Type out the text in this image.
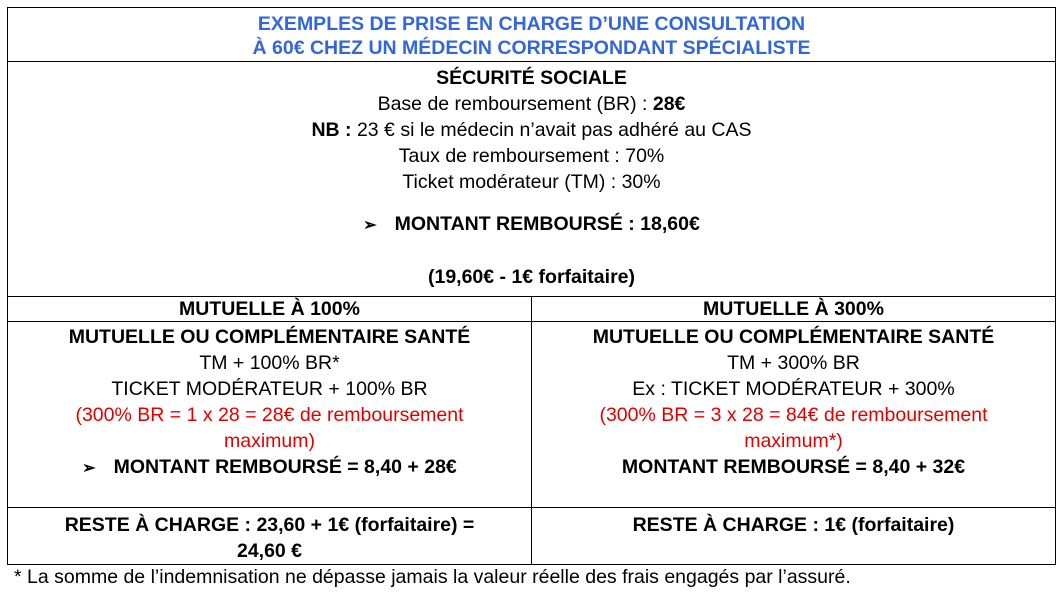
EXEMPLES DE PRISE EN CHARGE D’UNE CONSULTATION
À 60€ CHEZ UN MÉDECIN CORRESPONDANT SPÉCIALISTE
SÉCURITÉ SOCIALE
Base de remboursement (BR) : 28€
NB : 23 € si le médecin n’avait pas adhéré au CAS
Taux de remboursement : 70%
Ticket modérateur (TM) : 30%
➢ MONTANT REMBOURSÉ : 18,60€
(19,60€ - 1€ forfaitaire)
MUTUELLE À 100%	MUTUELLE À 300%
MUTUELLE OU COMPLÉMENTAIRE SANTÉ
TM + 100% BR*
TICKET MODÉRATEUR + 100% BR
(300% BR = 1 x 28 = 28€ de remboursement
maximum)
➢ MONTANT REMBOURSÉ = 8,40 + 28€
MUTUELLE OU COMPLÉMENTAIRE SANTÉ
TM + 300% BR
Ex : TICKET MODÉRATEUR + 300%
(300% BR = 3 x 28 = 84€ de remboursement
maximum*)
MONTANT REMBOURSÉ = 8,40 + 32€
RESTE À CHARGE : 23,60 + 1€ (forfaitaire) =
24,60 €
RESTE À CHARGE : 1€ (forfaitaire)
* La somme de l’indemnisation ne dépasse jamais la valeur réelle des frais engagés par l’assuré.
